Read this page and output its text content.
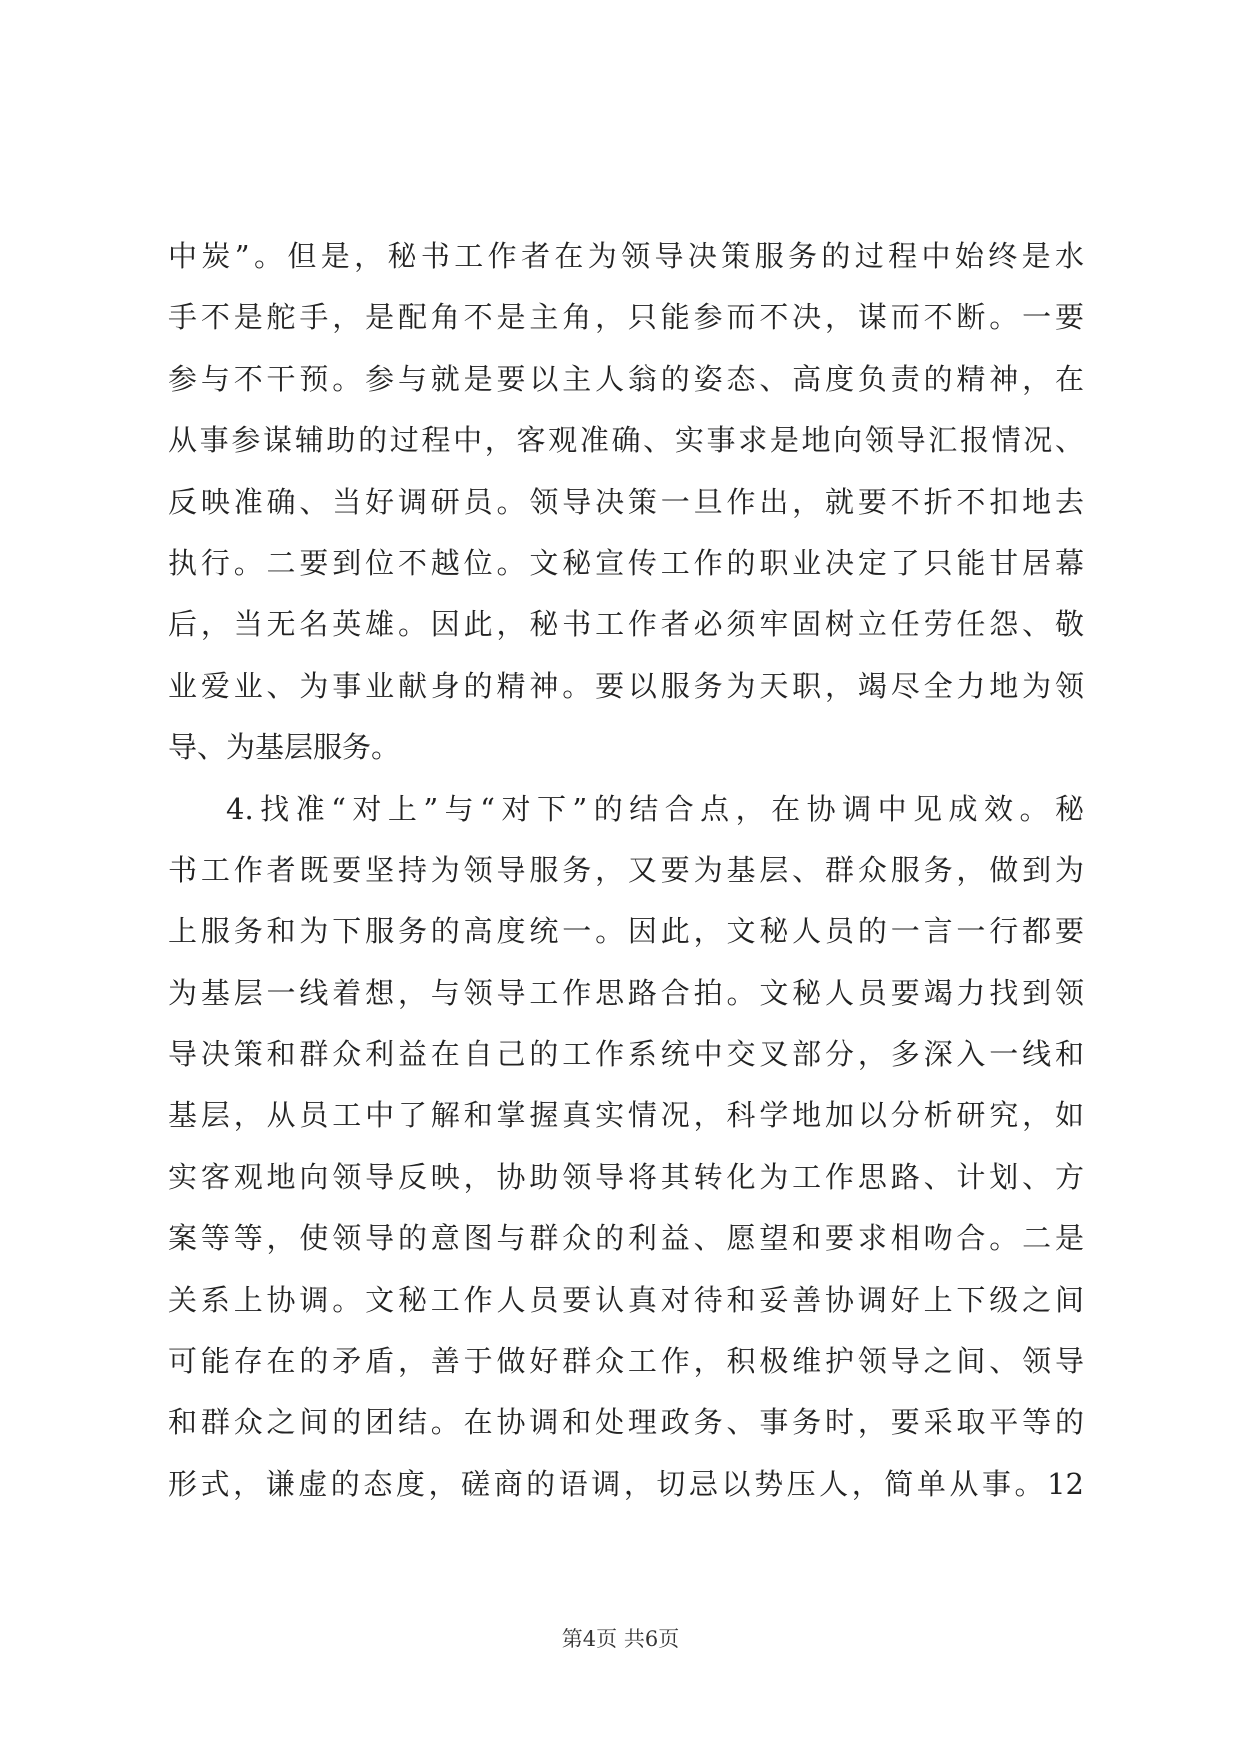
中炭”。但是，秘书工作者在为领导决策服务的过程中始终是水
手不是舵手，是配角不是主角，只能参而不决，谋而不断。一要
参与不干预。参与就是要以主人翁的姿态、高度负责的精神，在
从事参谋辅助的过程中，客观准确、实事求是地向领导汇报情况、
反映准确、当好调研员。领导决策一旦作出，就要不折不扣地去
执行。二要到位不越位。文秘宣传工作的职业决定了只能甘居幕
后，当无名英雄。因此，秘书工作者必须牢固树立任劳任怨、敬
业爱业、为事业献身的精神。要以服务为天职，竭尽全力地为领
导、为基层服务。
4.找准“对上”与“对下”的结合点，在协调中见成效。秘
书工作者既要坚持为领导服务，又要为基层、群众服务，做到为
上服务和为下服务的高度统一。因此，文秘人员的一言一行都要
为基层一线着想，与领导工作思路合拍。文秘人员要竭力找到领
导决策和群众利益在自己的工作系统中交叉部分，多深入一线和
基层，从员工中了解和掌握真实情况，科学地加以分析研究，如
实客观地向领导反映，协助领导将其转化为工作思路、计划、方
案等等，使领导的意图与群众的利益、愿望和要求相吻合。二是
关系上协调。文秘工作人员要认真对待和妥善协调好上下级之间
可能存在的矛盾，善于做好群众工作，积极维护领导之间、领导
和群众之间的团结。在协调和处理政务、事务时，要采取平等的
形式，谦虚的态度，磋商的语调，切忌以势压人，简单从事。12
第4页 共6页
